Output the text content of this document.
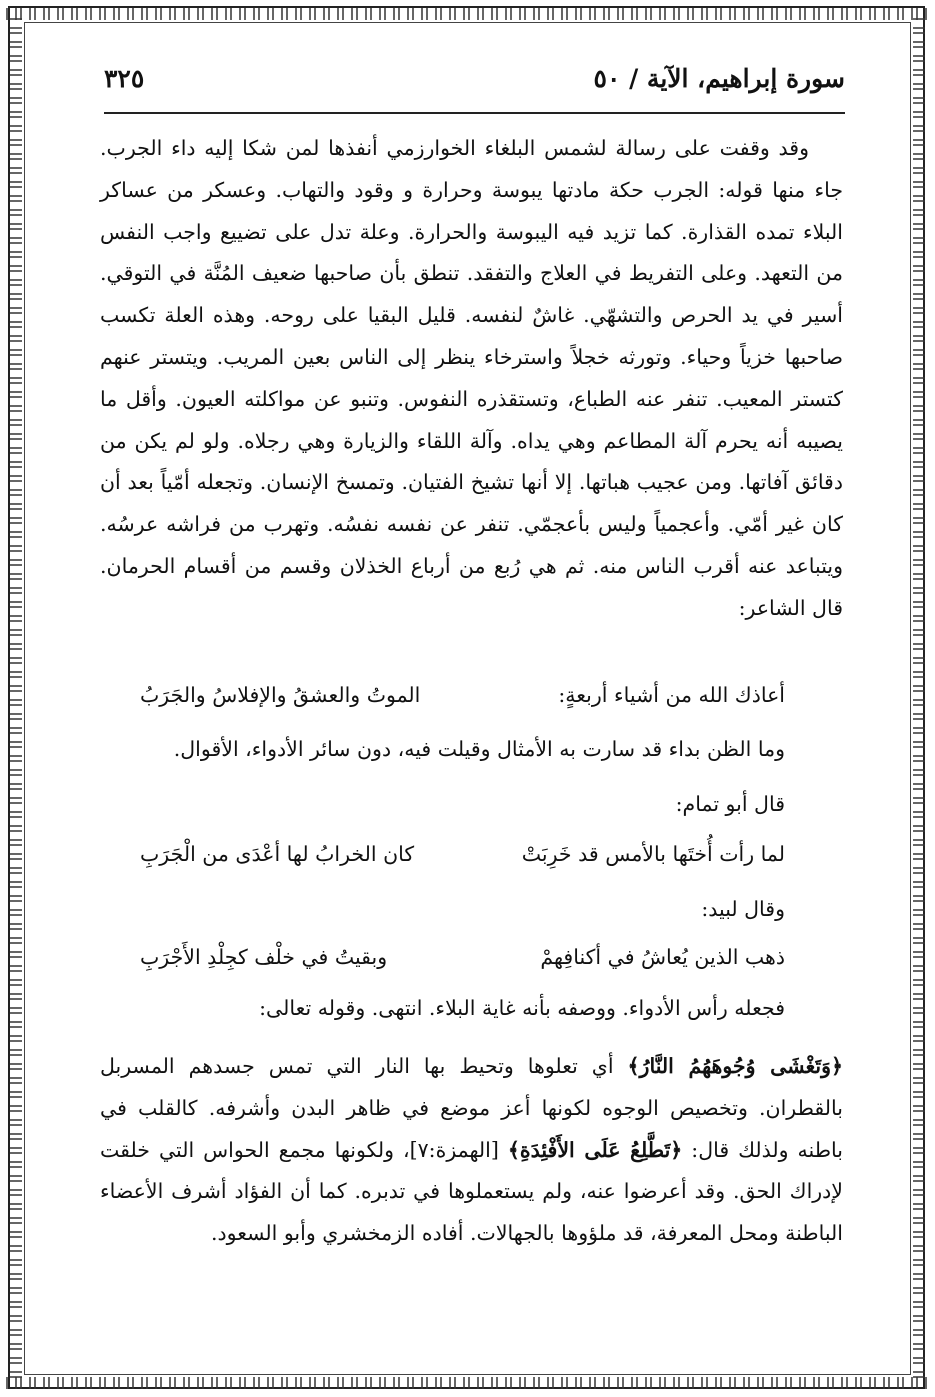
سورة إبراهيم، الآية / ٥٠
٣٢٥

وقد وقفت على رسالة لشمس البلغاء الخوارزمي أنفذها لمن شكا إليه داء الجرب. جاء منها قوله: الجرب حكة مادتها يبوسة وحرارة و وقود والتهاب. وعسكر من عساكر البلاء تمده القذارة. كما تزيد فيه اليبوسة والحرارة. وعلة تدل على تضييع واجب النفس من التعهد. وعلى التفريط في العلاج والتفقد. تنطق بأن صاحبها ضعيف المُنَّة في التوقي. أسير في يد الحرص والتشهّي. غاشٌ لنفسه. قليل البقيا على روحه. وهذه العلة تكسب صاحبها خزياً وحياء. وتورثه خجلاً واسترخاء ينظر إلى الناس بعين المريب. ويتستر عنهم كتستر المعيب. تنفر عنه الطباع، وتستقذره النفوس. وتنبو عن مواكلته العيون. وأقل ما يصيبه أنه يحرم آلة المطاعم وهي يداه. وآلة اللقاء والزيارة وهي رجلاه. ولو لم يكن من دقائق آفاتها. ومن عجيب هباتها. إلا أنها تشيخ الفتيان. وتمسخ الإنسان. وتجعله أمّياً بعد أن كان غير أمّي. وأعجمياً وليس بأعجمّي. تنفر عن نفسه نفسُه. وتهرب من فراشه عرسُه. ويتباعد عنه أقرب الناس منه. ثم هي رُبع من أرباع الخذلان وقسم من أقسام الحرمان. قال الشاعر:

أعاذك الله من أشياء أربعةٍ:
الموتُ والعشقُ والإفلاسُ والجَرَبُ
وما الظن بداء قد سارت به الأمثال وقيلت فيه، دون سائر الأدواء، الأقوال.
قال أبو تمام:
لما رأت أُختَها بالأمس قد خَرِبَتْ
كان الخرابُ لها أعْدَى من الْجَرَبِ
وقال لبيد:
ذهب الذين يُعاشُ في أكنافِهمْ
وبقيتُ في خلْف كجِلْدِ الأَجْرَبِ
فجعله رأس الأدواء. ووصفه بأنه غاية البلاء. انتهى. وقوله تعالى:

﴿وَتَغْشَى وُجُوهَهُمُ النَّارُ﴾ أي تعلوها وتحيط بها النار التي تمس جسدهم المسربل بالقطران. وتخصيص الوجوه لكونها أعز موضع في ظاهر البدن وأشرفه. كالقلب في باطنه ولذلك قال: ﴿تَطَّلِعُ عَلَى الأَفْئِدَةِ﴾ [الهمزة:٧]، ولكونها مجمع الحواس التي خلقت لإدراك الحق. وقد أعرضوا عنه، ولم يستعملوها في تدبره. كما أن الفؤاد أشرف الأعضاء الباطنة ومحل المعرفة، قد ملؤوها بالجهالات. أفاده الزمخشري وأبو السعود.
